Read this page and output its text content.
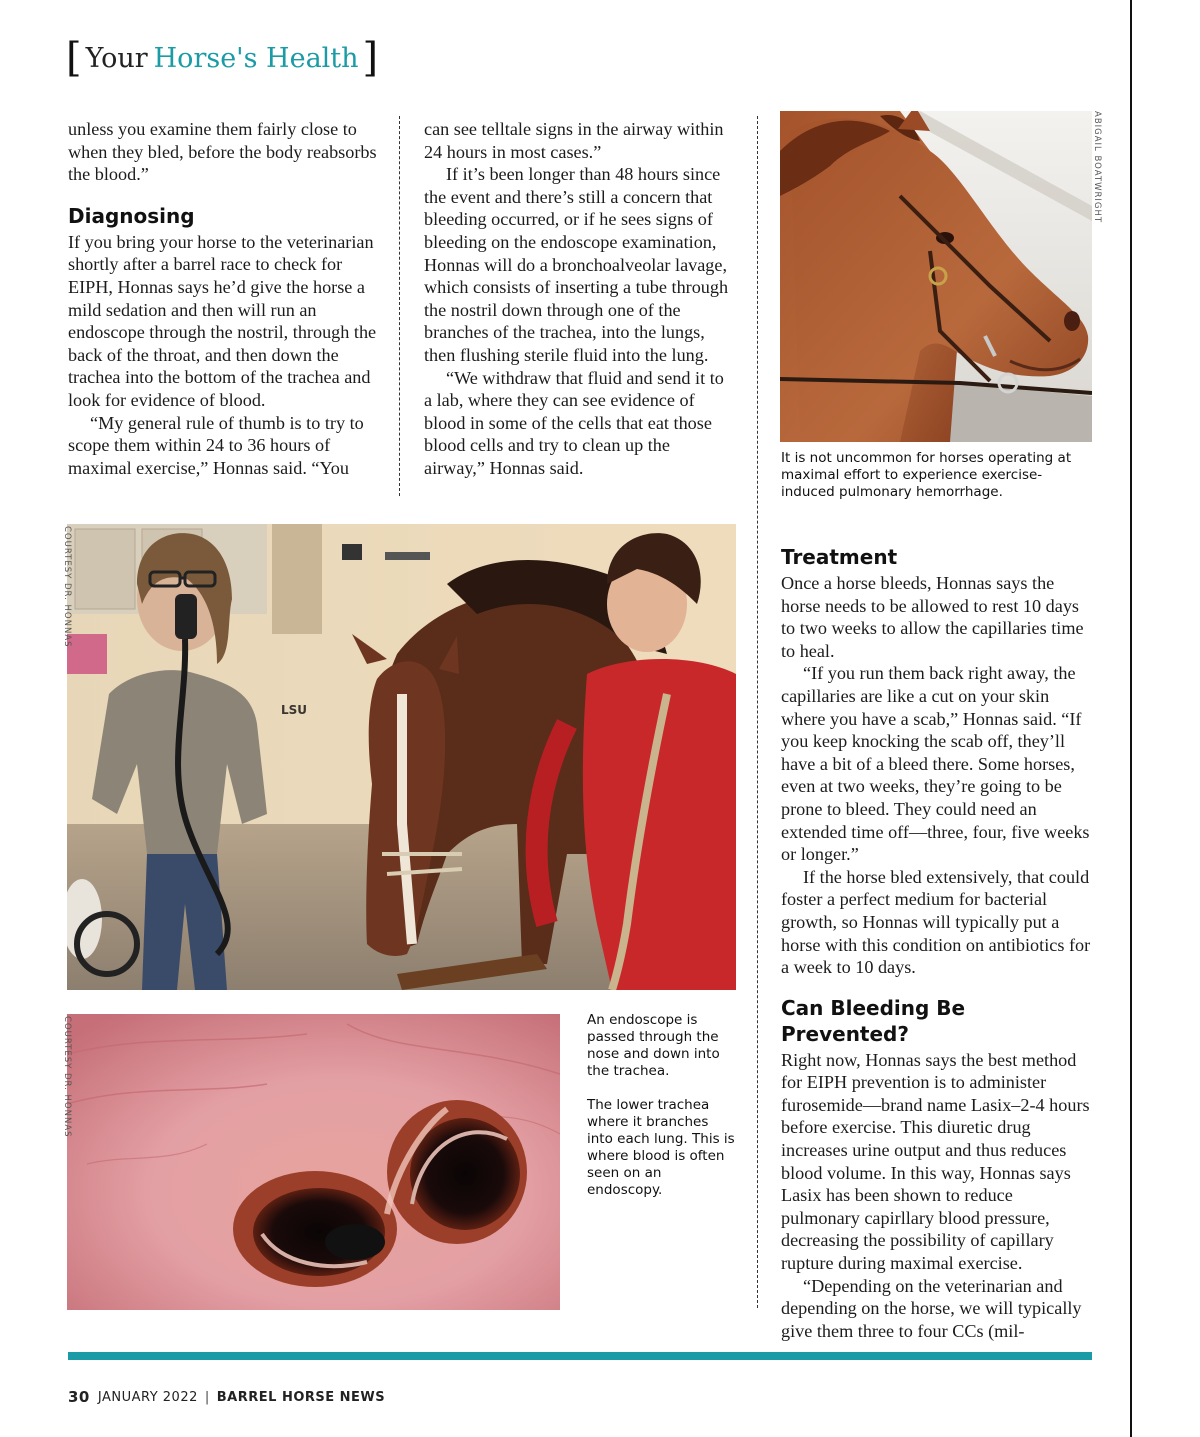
[ Your Horse's Health ]

unless you examine them fairly close to when they bled, before the body reabsorbs the blood.”

Diagnosing

If you bring your horse to the veterinarian shortly after a barrel race to check for EIPH, Honnas says he’d give the horse a mild sedation and then will run an endoscope through the nostril, through the back of the throat, and then down the trachea into the bottom of the trachea and look for evidence of blood.

“My general rule of thumb is to try to scope them within 24 to 36 hours of maximal exercise,” Honnas said. “You

can see telltale signs in the airway within 24 hours in most cases.”

If it’s been longer than 48 hours since the event and there’s still a concern that bleeding occurred, or if he sees signs of bleeding on the endoscope examination, Honnas will do a bronchoalveolar lavage, which consists of inserting a tube through the nostril down through one of the branches of the trachea, into the lungs, then flushing sterile fluid into the lung.

“We withdraw that fluid and send it to a lab, where they can see evidence of blood in some of the cells that eat those blood cells and try to clean up the airway,” Honnas said.

ABIGAIL BOATWRIGHT
It is not uncommon for horses operating at maximal effort to experience exercise-induced pulmonary hemorrhage.
LSU
COURTESY DR. HONNAS
COURTESY DR. HONNAS	An endoscope is passed through the nose and down into the trachea.
The lower trachea where it branches into each lung. This is where blood is often seen on an endoscopy.
Treatment

Once a horse bleeds, Honnas says the horse needs to be allowed to rest 10 days to two weeks to allow the capillaries time to heal.

“If you run them back right away, the capillaries are like a cut on your skin where you have a scab,” Honnas said. “If you keep knocking the scab off, they’ll have a bit of a bleed there. Some horses, even at two weeks, they’re going to be prone to bleed. They could need an extended time off—three, four, five weeks or longer.”

If the horse bled extensively, that could foster a perfect medium for bacterial growth, so Honnas will typically put a horse with this condition on antibiotics for a week to 10 days.

Can Bleeding Be Prevented?

Right now, Honnas says the best method for EIPH prevention is to administer furosemide—brand name Lasix–2-4 hours before exercise. This diuretic drug increases urine output and thus reduces blood volume. In this way, Honnas says Lasix has been shown to reduce pulmonary capirllary blood pressure, decreasing the possibility of capillary rupture during maximal exercise.

“Depending on the veterinarian and depending on the horse, we will typically give them three to four CCs (mil-

30 JANUARY 2022 | BARREL HORSE NEWS
